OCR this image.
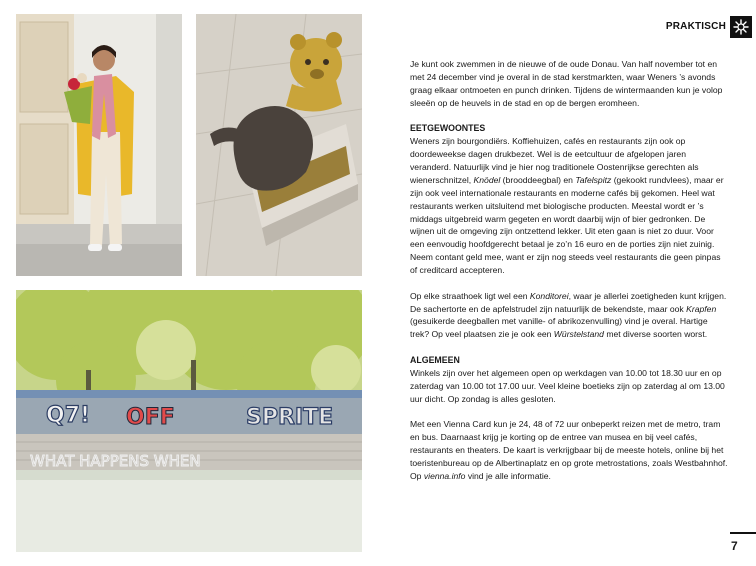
Q7! OFF	SPRITE
WHAT HAPPENS WHEN
PRAKTISCH

Je kunt ook zwemmen in de nieuwe of de oude Donau. Van half november tot en met 24 december vind je overal in de stad kerstmarkten, waar Weners ’s avonds graag elkaar ontmoeten en punch drinken. Tijdens de wintermaanden kun je volop sleeën op de heuvels in de stad en op de bergen eromheen.

EETGEWOONTES

Weners zijn bourgondiërs. Koffiehuizen, cafés en restaurants zijn ook op doordeweekse dagen drukbezet. Wel is de eetcultuur de afgelopen jaren veranderd. Natuurlijk vind je hier nog traditionele Oostenrijkse gerechten als wienerschnitzel, Knödel (brooddeegbal) en Tafelspitz (gekookt rundvlees), maar er zijn ook veel internationale restaurants en moderne cafés bij gekomen. Heel wat restaurants werken uitsluitend met biologische producten. Meestal wordt er ’s middags uitgebreid warm gegeten en wordt daarbij wijn of bier gedronken. De wijnen uit de omgeving zijn ontzettend lekker. Uit eten gaan is niet zo duur. Voor een eenvoudig hoofdgerecht betaal je zo’n 16 euro en de porties zijn niet zuinig. Neem contant geld mee, want er zijn nog steeds veel restaurants die geen pinpas of creditcard accepteren.

Op elke straathoek ligt wel een Konditorei, waar je allerlei zoetigheden kunt krijgen. De sachertorte en de apfelstrudel zijn natuurlijk de bekendste, maar ook Krapfen (gesuikerde deegballen met vanille- of abrikozenvulling) vind je overal. Hartige trek? Op veel plaatsen zie je ook een Würstelstand met diverse soorten worst.

ALGEMEEN

Winkels zijn over het algemeen open op werkdagen van 10.00 tot 18.30 uur en op zaterdag van 10.00 tot 17.00 uur. Veel kleine boetieks zijn op zaterdag al om 13.00 uur dicht. Op zondag is alles gesloten.

Met een Vienna Card kun je 24, 48 of 72 uur onbeperkt reizen met de metro, tram en bus. Daarnaast krijg je korting op de entree van musea en bij veel cafés, restaurants en theaters. De kaart is verkrijgbaar bij de meeste hotels, online bij het toeristenbureau op de Albertinaplatz en op grote metrostations, zoals Westbahnhof. Op vienna.info vind je alle informatie.

7
